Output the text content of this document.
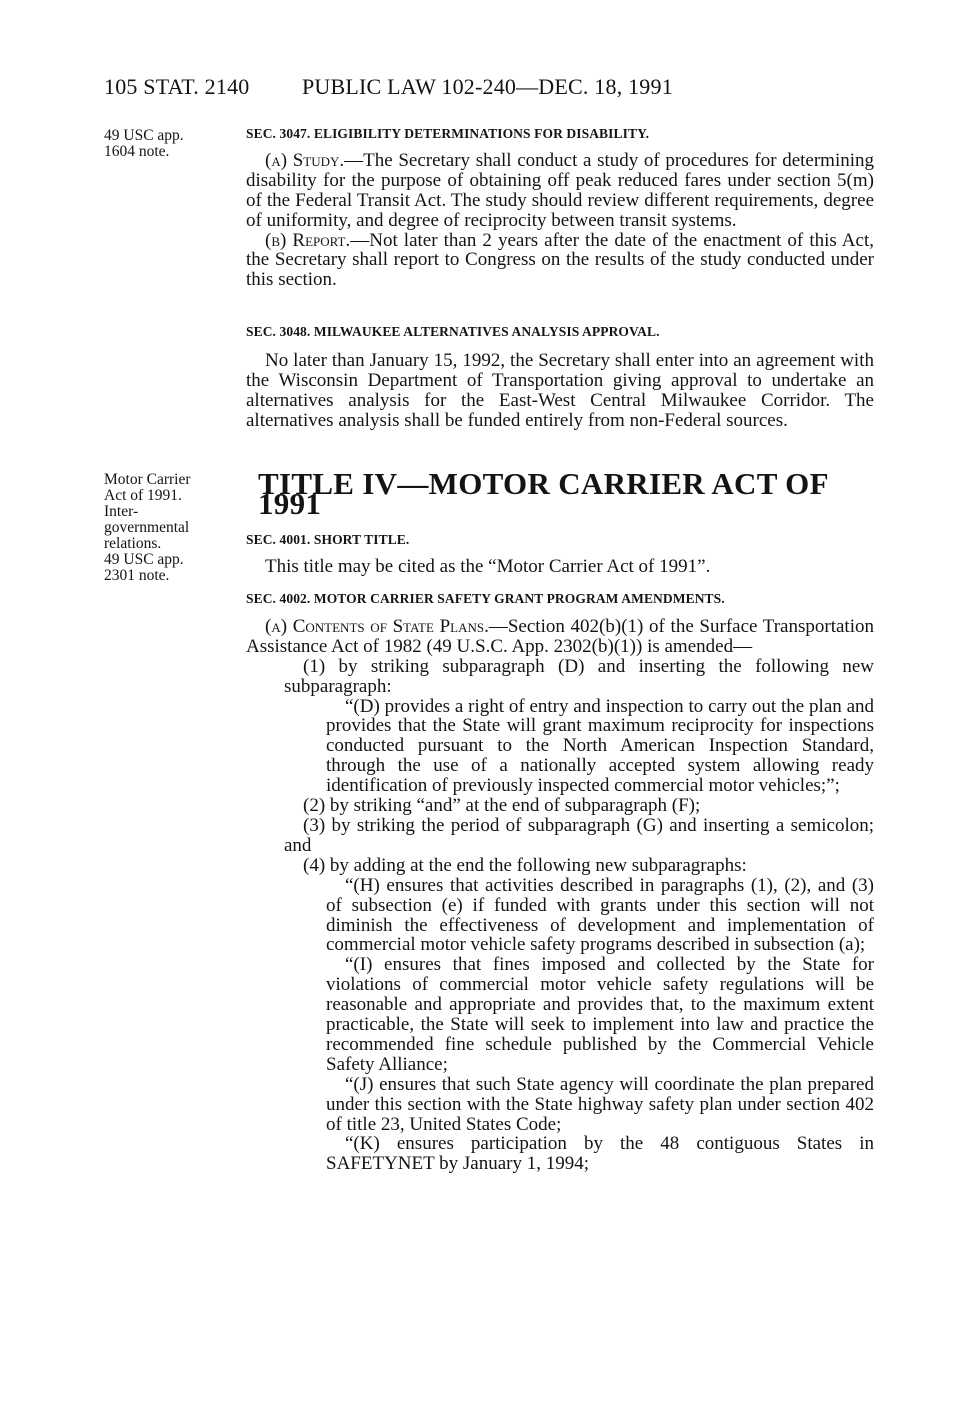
105 STAT. 2140 PUBLIC LAW 102-240—DEC. 18, 1991
49 USC app.
1604 note.
Motor Carrier
Act of 1991.
Inter-
governmental
relations.
49 USC app.
2301 note.
SEC. 3047. ELIGIBILITY DETERMINATIONS FOR DISABILITY.

(a) Study.—The Secretary shall conduct a study of procedures for determining disability for the purpose of obtaining off peak reduced fares under section 5(m) of the Federal Transit Act. The study should review different requirements, degree of uniformity, and degree of reciprocity between transit systems.

(b) Report.—Not later than 2 years after the date of the enactment of this Act, the Secretary shall report to Congress on the results of the study conducted under this section.

SEC. 3048. MILWAUKEE ALTERNATIVES ANALYSIS APPROVAL.

No later than January 15, 1992, the Secretary shall enter into an agreement with the Wisconsin Department of Transportation giving approval to undertake an alternatives analysis for the East-West Central Milwaukee Corridor. The alternatives analysis shall be funded entirely from non-Federal sources.

TITLE IV—MOTOR CARRIER ACT OF 1991
SEC. 4001. SHORT TITLE.

This title may be cited as the “Motor Carrier Act of 1991”.

SEC. 4002. MOTOR CARRIER SAFETY GRANT PROGRAM AMENDMENTS.

(a) Contents of State Plans.—Section 402(b)(1) of the Surface Transportation Assistance Act of 1982 (49 U.S.C. App. 2302(b)(1)) is amended—

(1) by striking subparagraph (D) and inserting the following new subparagraph:

“(D) provides a right of entry and inspection to carry out the plan and provides that the State will grant maximum reciprocity for inspections conducted pursuant to the North American Inspection Standard, through the use of a nationally accepted system allowing ready identification of previously inspected commercial motor vehicles;”;

(2) by striking “and” at the end of subparagraph (F);

(3) by striking the period of subparagraph (G) and inserting a semicolon; and

(4) by adding at the end the following new subparagraphs:

“(H) ensures that activities described in paragraphs (1), (2), and (3) of subsection (e) if funded with grants under this section will not diminish the effectiveness of development and implementation of commercial motor vehicle safety programs described in subsection (a);

“(I) ensures that fines imposed and collected by the State for violations of commercial motor vehicle safety regulations will be reasonable and appropriate and provides that, to the maximum extent practicable, the State will seek to implement into law and practice the recommended fine schedule published by the Commercial Vehicle Safety Alliance;

“(J) ensures that such State agency will coordinate the plan prepared under this section with the State highway safety plan under section 402 of title 23, United States Code;

“(K) ensures participation by the 48 contiguous States in SAFETYNET by January 1, 1994;
